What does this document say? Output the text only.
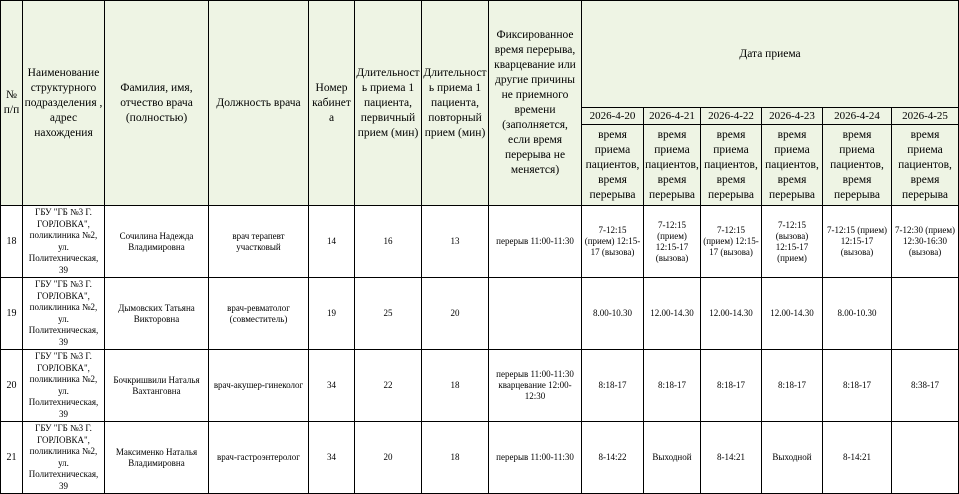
№ п/п	Наименование структурного подразделения , адрес нахождения	Фамилия, имя, отчество врача (полностью)	Должность врача	Номер кабинета	Длительность приема 1 пациента, первичный прием (мин)	Длительность приема 1 пациента, повторный прием (мин)	Фиксированное время перерыва, кварцевание или другие причины не приемного времени (заполняется, если время перерыва не меняется)	Дата приема					
								2026-4-20	2026-4-21	2026-4-22	2026-4-23	2026-4-24	2026-4-25
								время приема пациентов, время перерыва	время приема пациентов, время перерыва	время приема пациентов, время перерыва	время приема пациентов, время перерыва	время приема пациентов, время перерыва	время приема пациентов, время перерыва
18	ГБУ "ГБ №3 Г. ГОРЛОВКА", поликлиника №2, ул. Политехническая, 39	Сочилина Надежда Владимировна	врач терапевт участковый	14	16	13	перерыв 11:00-11:30	7-12:15 (прием) 12:15-17 (вызова)	7-12:15 (прием) 12:15-17 (вызова)	7-12:15 (прием) 12:15-17 (вызова)	7-12:15 (вызова) 12:15-17 (прием)	7-12:15 (прием) 12:15-17 (вызова)	7-12:30 (прием) 12:30-16:30 (вызова)
19	ГБУ "ГБ №3 Г. ГОРЛОВКА", поликлиника №2, ул. Политехническая, 39	Дымовских Татьяна Викторовна	врач-ревматолог (совместитель)	19	25	20		8.00-10.30	12.00-14.30	12.00-14.30	12.00-14.30	8.00-10.30	
20	ГБУ "ГБ №3 Г. ГОРЛОВКА", поликлиника №2, ул. Политехническая, 39	Бочкришвили Наталья Вахтанговна	врач-акушер-гинеколог	34	22	18	перерыв 11:00-11:30 кварцевание 12:00-12:30	8:18-17	8:18-17	8:18-17	8:18-17	8:18-17	8:38-17
21	ГБУ "ГБ №3 Г. ГОРЛОВКА", поликлиника №2, ул. Политехническая, 39	Максименко Наталья Владимировна	врач-гастроэнтеролог	34	20	18	перерыв 11:00-11:30	8-14:22	Выходной	8-14:21	Выходной	8-14:21	
